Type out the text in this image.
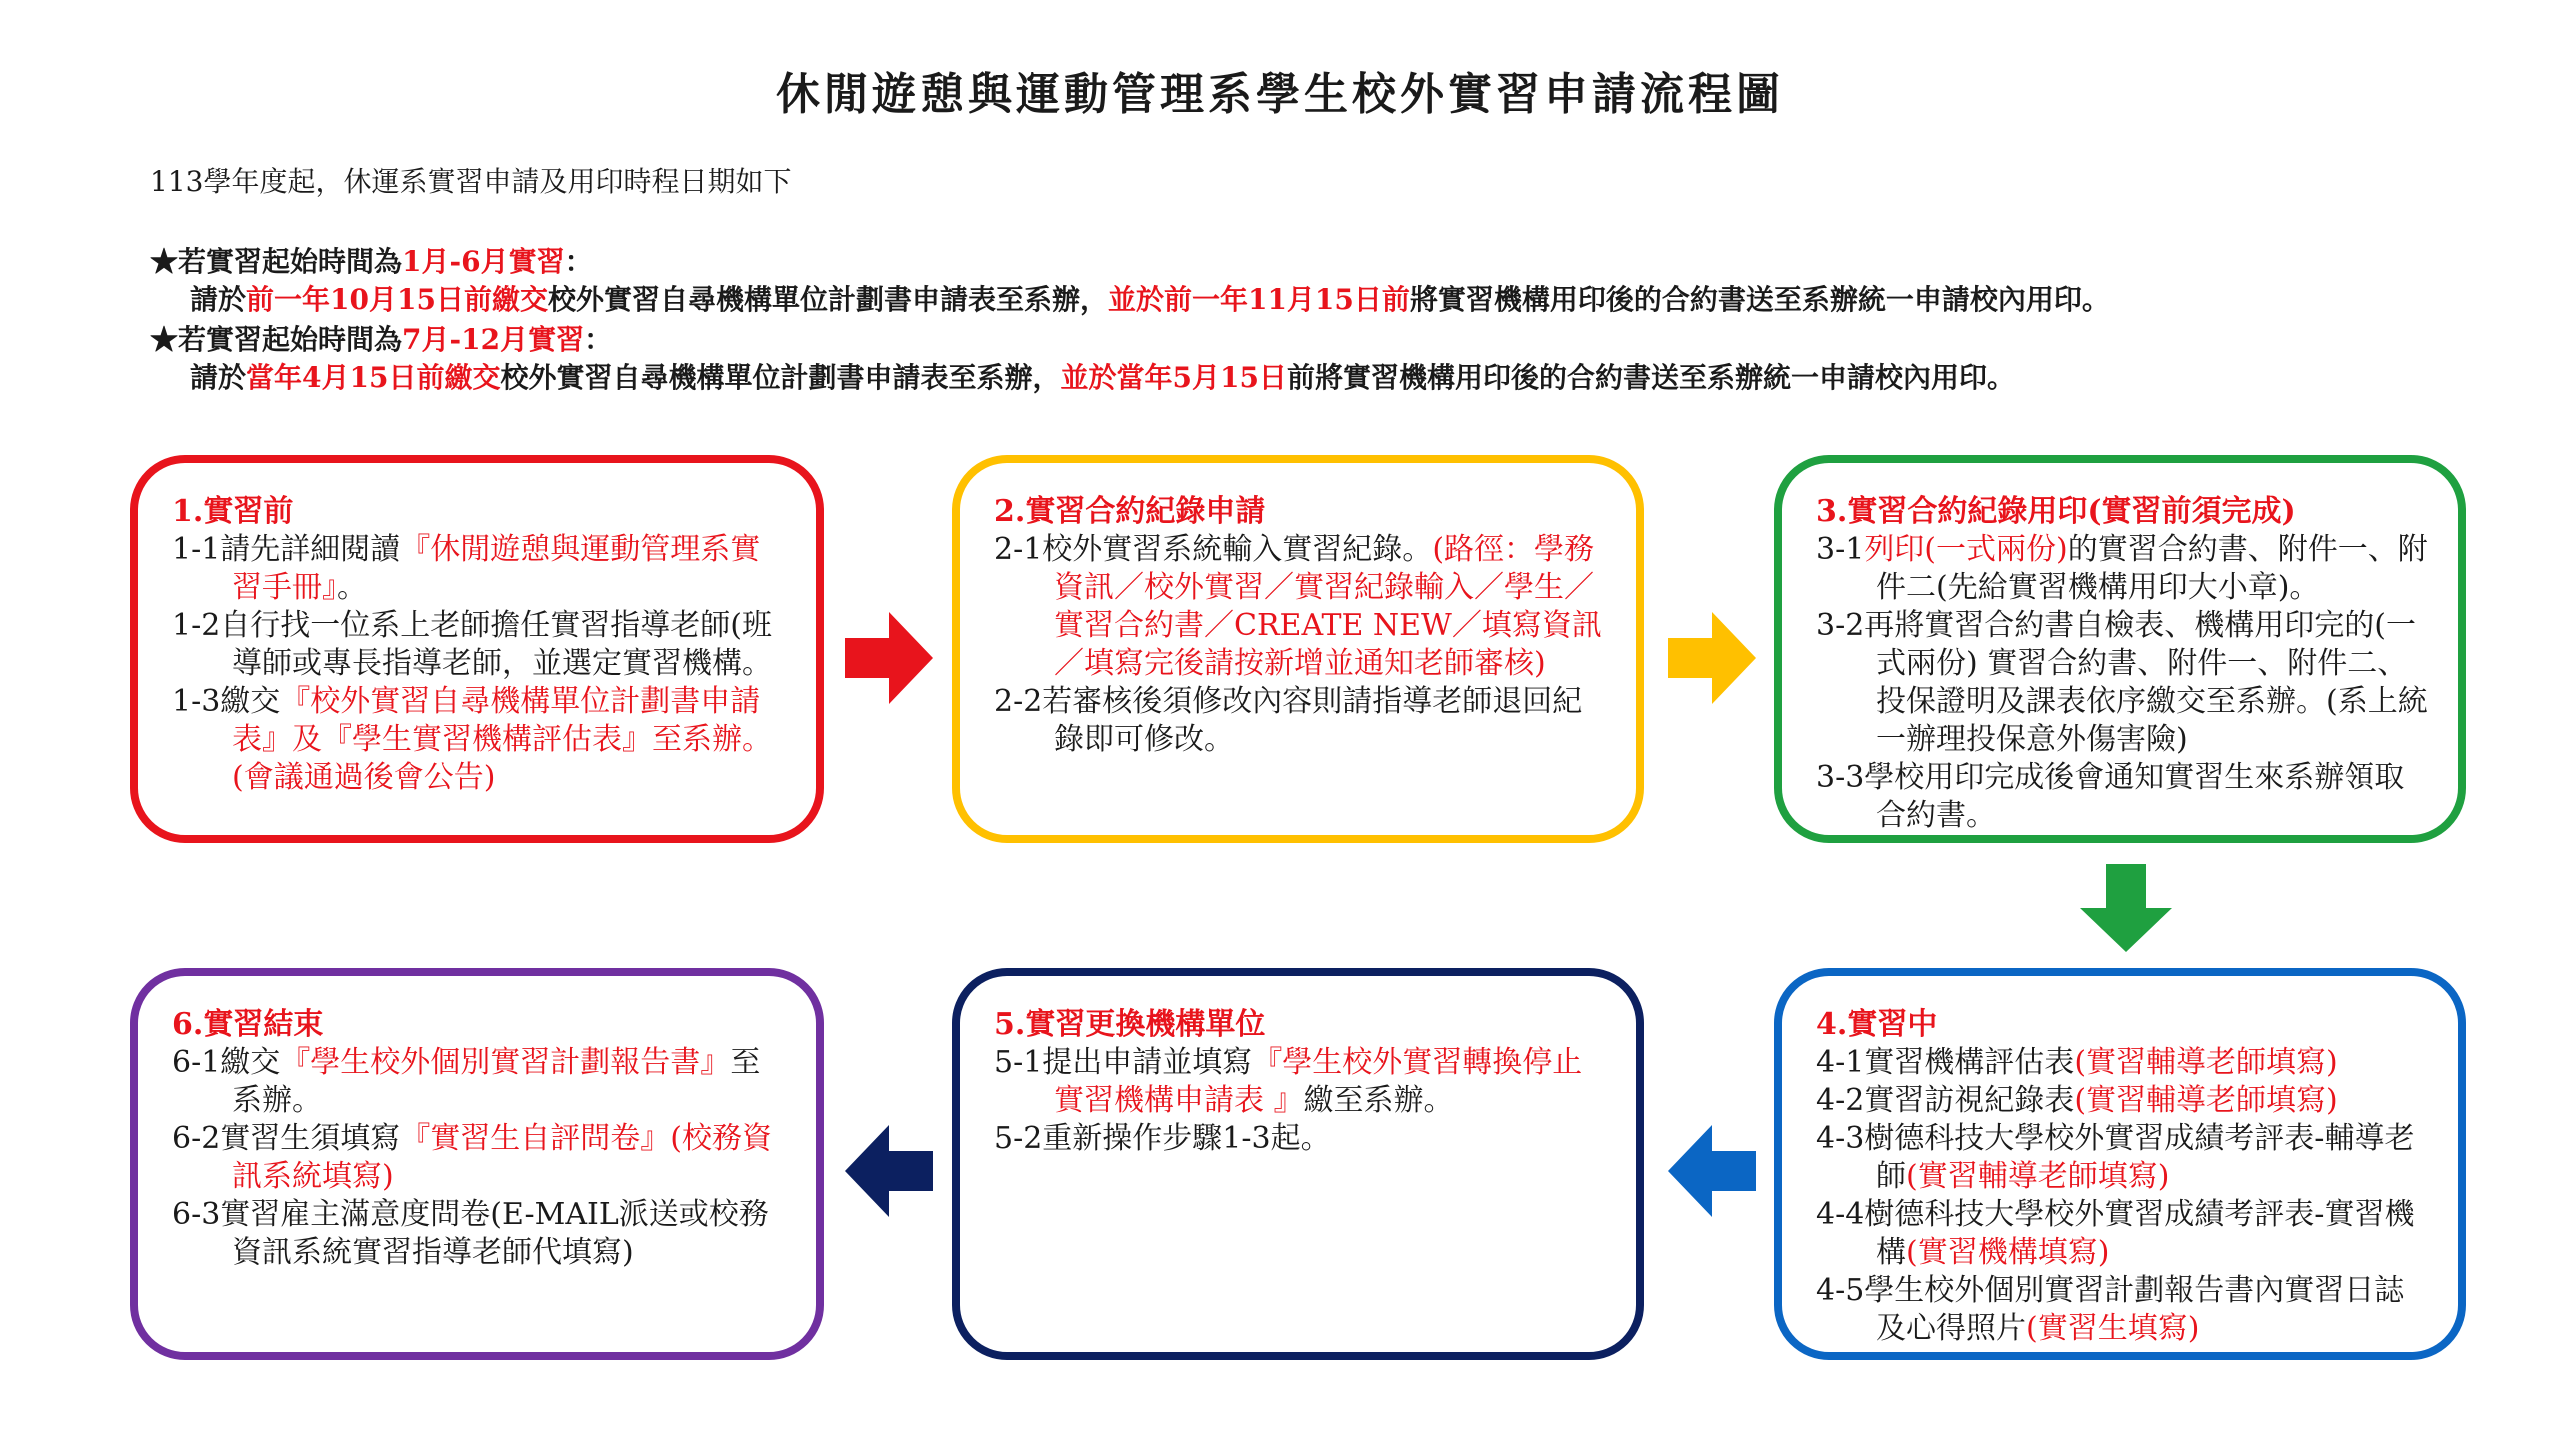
休閒遊憩與運動管理系學生校外實習申請流程圖
113學年度起，休運系實習申請及用印時程日期如下
★若實習起始時間為1月-6月實習：
請於前一年10月15日前繳交校外實習自尋機構單位計劃書申請表至系辦，並於前一年11月15日前將實習機構用印後的合約書送至系辦統一申請校內用印。
★若實習起始時間為7月-12月實習：
請於當年4月15日前繳交校外實習自尋機構單位計劃書申請表至系辦，並於當年5月15日前將實習機構用印後的合約書送至系辦統一申請校內用印。
1.實習前
1-1請先詳細閱讀『休閒遊憩與運動管理系實習手冊』。
1-2自行找一位系上老師擔任實習指導老師(班導師或專長指導老師，並選定實習機構。
1-3繳交『校外實習自尋機構單位計劃書申請表』及『學生實習機構評估表』至系辦。(會議通過後會公告)
2.實習合約紀錄申請
2-1校外實習系統輸入實習紀錄。(路徑：學務資訊／校外實習／實習紀錄輸入／學生／實習合約書／CREATE NEW／填寫資訊／填寫完後請按新增並通知老師審核)
2-2若審核後須修改內容則請指導老師退回紀錄即可修改。
3.實習合約紀錄用印(實習前須完成)
3-1列印(一式兩份)的實習合約書、附件一、附件二(先給實習機構用印大小章)。
3-2再將實習合約書自檢表、機構用印完的(一式兩份) 實習合約書、附件一、附件二、投保證明及課表依序繳交至系辦。(系上統一辦理投保意外傷害險)
3-3學校用印完成後會通知實習生來系辦領取合約書。
4.實習中
4-1實習機構評估表(實習輔導老師填寫)
4-2實習訪視紀錄表(實習輔導老師填寫)
4-3樹德科技大學校外實習成績考評表-輔導老師(實習輔導老師填寫)
4-4樹德科技大學校外實習成績考評表-實習機構(實習機構填寫)
4-5學生校外個別實習計劃報告書內實習日誌及心得照片(實習生填寫)
5.實習更換機構單位
5-1提出申請並填寫『學生校外實習轉換停止實習機構申請表 』繳至系辦。
5-2重新操作步驟1-3起。
6.實習結束
6-1繳交『學生校外個別實習計劃報告書』至系辦。
6-2實習生須填寫『實習生自評問卷』(校務資訊系統填寫)
6-3實習雇主滿意度問卷(E-MAIL派送或校務資訊系統實習指導老師代填寫)
